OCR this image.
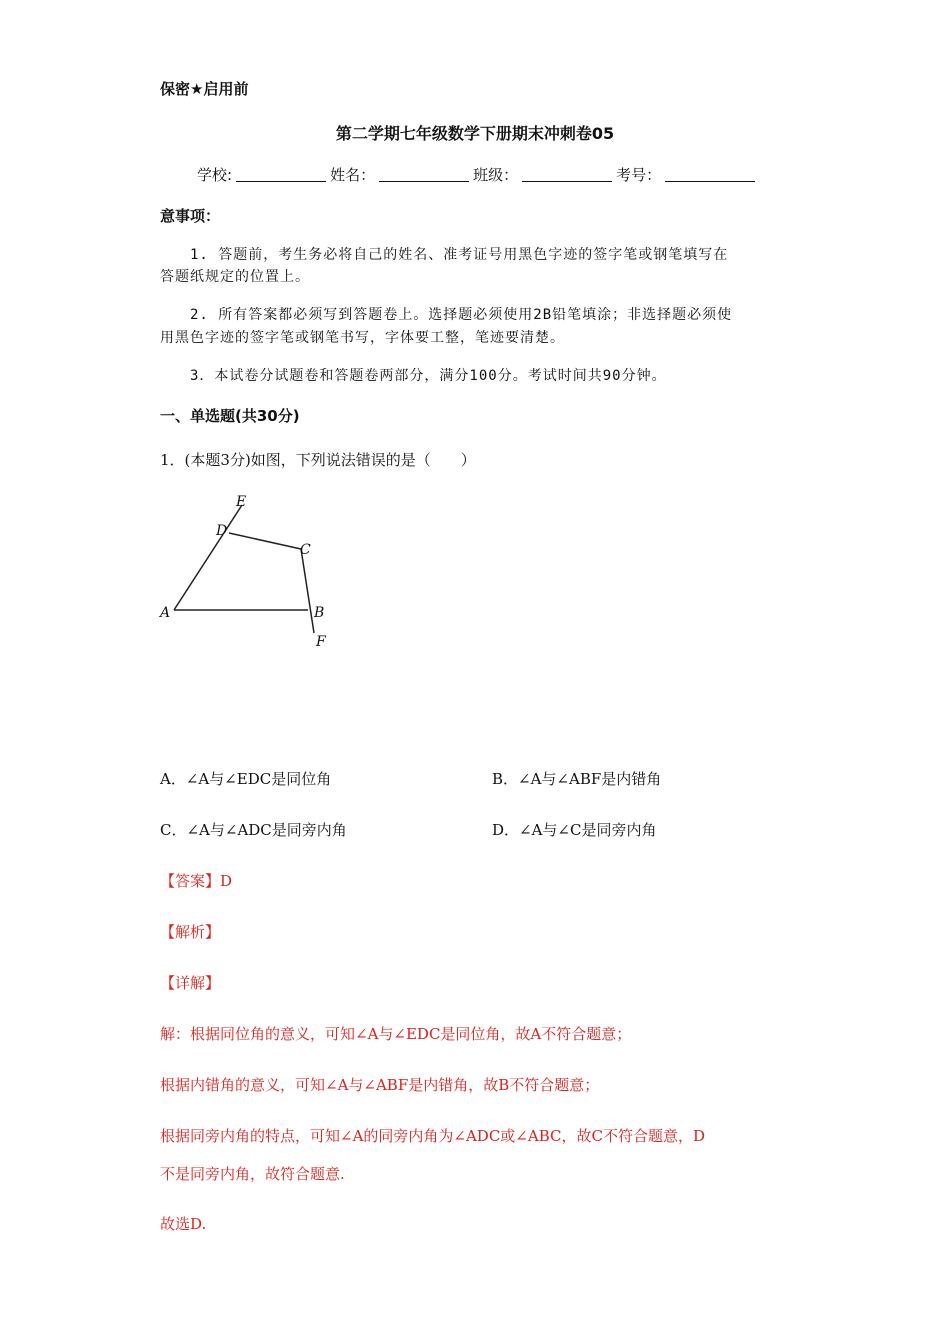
保密★启用前
第二学期七年级数学下册期末冲刺卷05
学校:	姓名：	班级：	考号：
意事项：
1. 答题前，考生务必将自己的姓名、准考证号用黑色字迹的签字笔或钢笔填写在
答题纸规定的位置上。
2. 所有答案都必须写到答题卷上。选择题必须使用2B铅笔填涂；非选择题必须使
用黑色字迹的签字笔或钢笔书写，字体要工整，笔迹要清楚。
3．本试卷分试题卷和答题卷两部分，满分100分。考试时间共90分钟。
一、单选题(共30分)
1．(本题3分)如图，下列说法错误的是（　　）
A	B
C
D
E
F
A．∠A与∠EDC是同位角	B．∠A与∠ABF是内错角
C．∠A与∠ADC是同旁内角	D．∠A与∠C是同旁内角
【答案】D
【解析】
【详解】
解：根据同位角的意义，可知∠A与∠EDC是同位角，故A不符合题意；
根据内错角的意义，可知∠A与∠ABF是内错角，故B不符合题意；
根据同旁内角的特点，可知∠A的同旁内角为∠ADC或∠ABC，故C不符合题意，D
不是同旁内角，故符合题意.
故选D.
